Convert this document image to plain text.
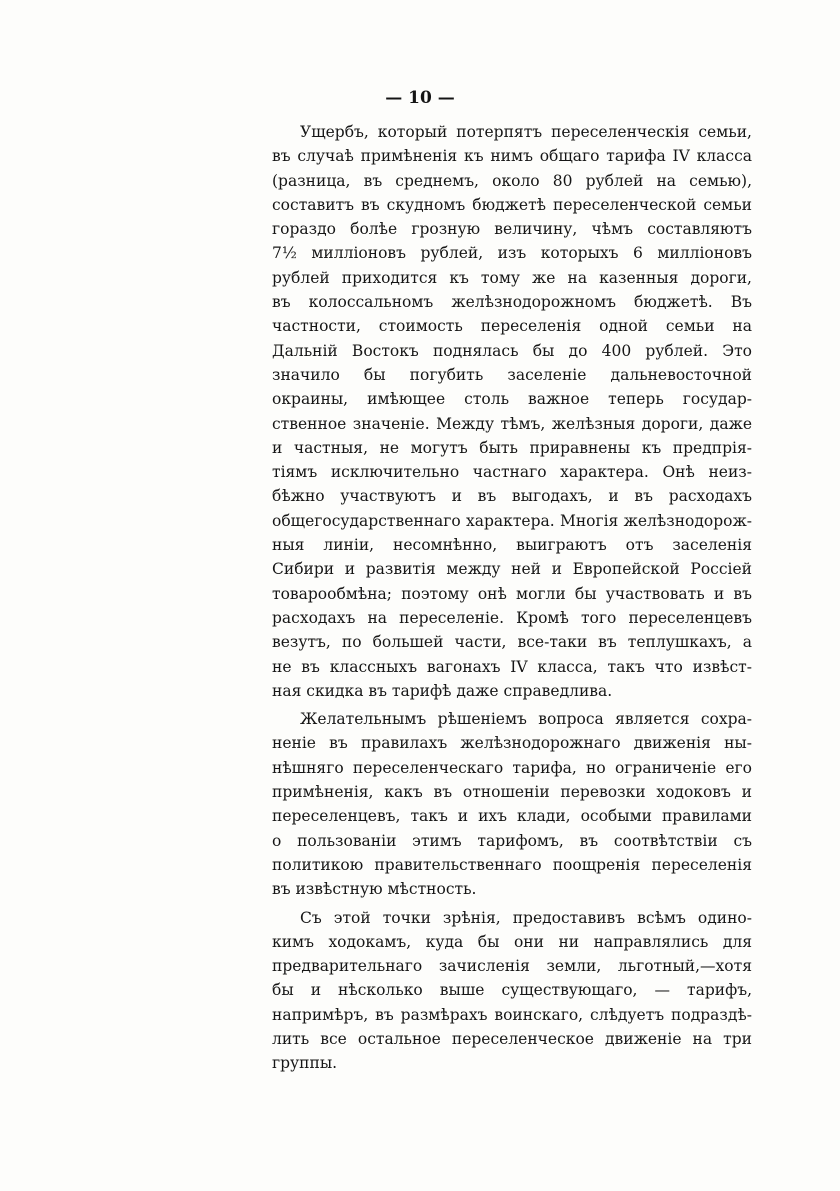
— 10 —
Ущербъ, который потерпятъ переселенческія семьи,
въ случаѣ примѣненія къ нимъ общаго тарифа IV класса
(разница, въ среднемъ, около 80 рублей на семью),
составитъ въ скудномъ бюджетѣ переселенческой семьи
гораздо болѣе грозную величину, чѣмъ составляютъ
7½ милліоновъ рублей, изъ которыхъ 6 милліоновъ
рублей приходится къ тому же на казенныя дороги,
въ колоссальномъ желѣзнодорожномъ бюджетѣ. Въ
частности, стоимость переселенія одной семьи на
Дальній Востокъ поднялась бы до 400 рублей. Это
значило бы погубить заселеніе дальневосточной
окраины, имѣющее столь важное теперь государ-
ственное значеніе. Между тѣмъ, желѣзныя дороги, даже
и частныя, не могутъ быть приравнены къ предпрія-
тіямъ исключительно частнаго характера. Онѣ неиз-
бѣжно участвуютъ и въ выгодахъ, и въ расходахъ
общегосударственнаго характера. Многія желѣзнодорож-
ныя линіи, несомнѣнно, выиграютъ отъ заселенія
Сибири и развитія между ней и Европейской Россіей
товарообмѣна; поэтому онѣ могли бы участвовать и въ
расходахъ на переселеніе. Кромѣ того переселенцевъ
везутъ, по большей части, все-таки въ теплушкахъ, а
не въ классныхъ вагонахъ IV класса, такъ что извѣст-
ная скидка въ тарифѣ даже справедлива.
Желательнымъ рѣшеніемъ вопроса является сохра-
неніе въ правилахъ желѣзнодорожнаго движенія ны-
нѣшняго переселенческаго тарифа, но ограниченіе его
примѣненія, какъ въ отношеніи перевозки ходоковъ и
переселенцевъ, такъ и ихъ клади, особыми правилами
о пользованіи этимъ тарифомъ, въ соотвѣтствіи съ
политикою правительственнаго поощренія переселенія
въ извѣстную мѣстность.
Съ этой точки зрѣнія, предоставивъ всѣмъ одино-
кимъ ходокамъ, куда бы они ни направлялись для
предварительнаго зачисленія земли, льготный,—хотя
бы и нѣсколько выше существующаго, — тарифъ,
напримѣръ, въ размѣрахъ воинскаго, слѣдуетъ подраздѣ-
лить все остальное переселенческое движеніе на три
группы.
